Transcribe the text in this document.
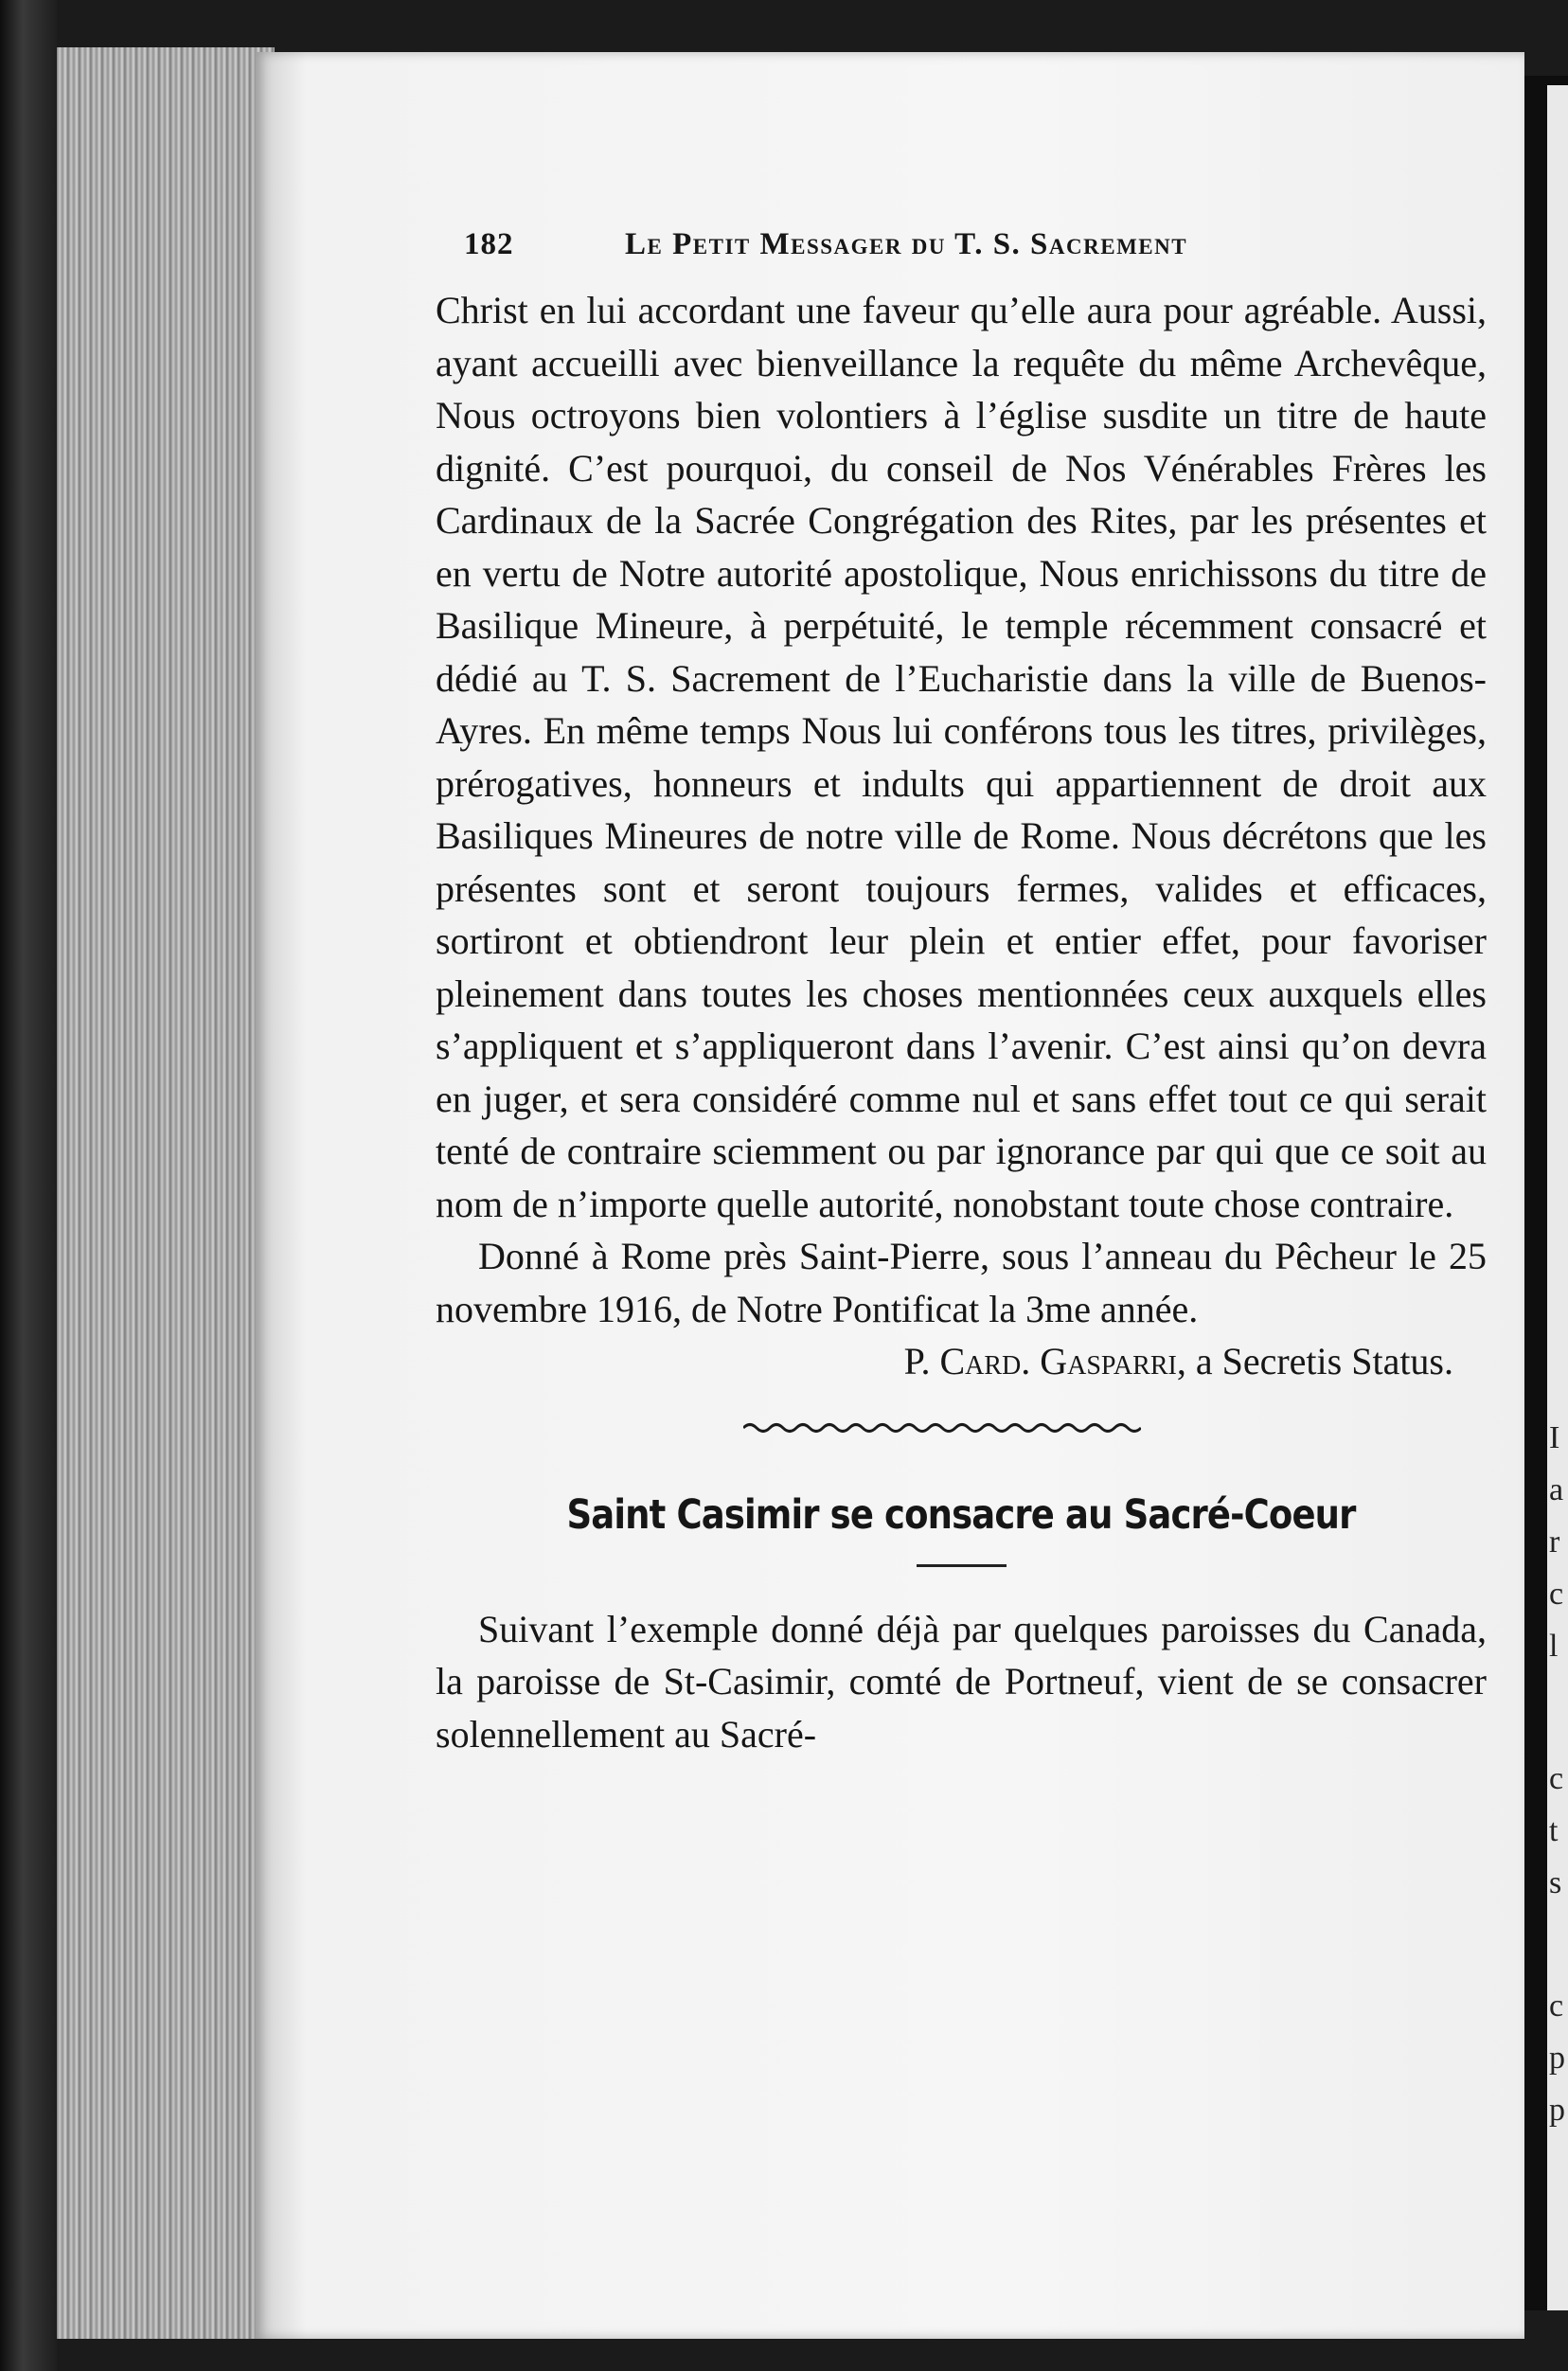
I
a
r
c
l
c
t
s
c
p
p
182	Le Petit Messager du T. S. Sacrement

Christ en lui accordant une faveur qu’elle aura pour agréable. Aussi, ayant accueilli avec bienveillance la requête du même Archevêque, Nous octroyons bien volontiers à l’église susdite un titre de haute dignité. C’est pourquoi, du conseil de Nos Vénérables Frères les Cardinaux de la Sacrée Congrégation des Rites, par les présentes et en vertu de Notre autorité apostolique, Nous enrichissons du titre de Basilique Mineure, à perpétuité, le temple récemment consacré et dédié au T. S. Sacrement de l’Eucharistie dans la ville de Buenos-Ayres. En même temps Nous lui conférons tous les titres, privilèges, prérogatives, honneurs et indults qui appartiennent de droit aux Basiliques Mineures de notre ville de Rome. Nous décrétons que les présentes sont et seront toujours fermes, valides et efficaces, sortiront et obtiendront leur plein et entier effet, pour favoriser pleinement dans toutes les choses mentionnées ceux auxquels elles s’appliquent et s’appliqueront dans l’avenir. C’est ainsi qu’on devra en juger, et sera considéré comme nul et sans effet tout ce qui serait tenté de contraire sciemment ou par ignorance par qui que ce soit au nom de n’importe quelle autorité, nonobstant toute chose contraire.

Donné à Rome près Saint-Pierre, sous l’anneau du Pêcheur le 25 novembre 1916, de Notre Pontificat la 3me année.

P. Card. Gasparri, a Secretis Status.

Saint Casimir se consacre au Sacré-Coeur

Suivant l’exemple donné déjà par quelques paroisses du Canada, la paroisse de St-Casimir, comté de Portneuf, vient de se consacrer solennellement au Sacré-
